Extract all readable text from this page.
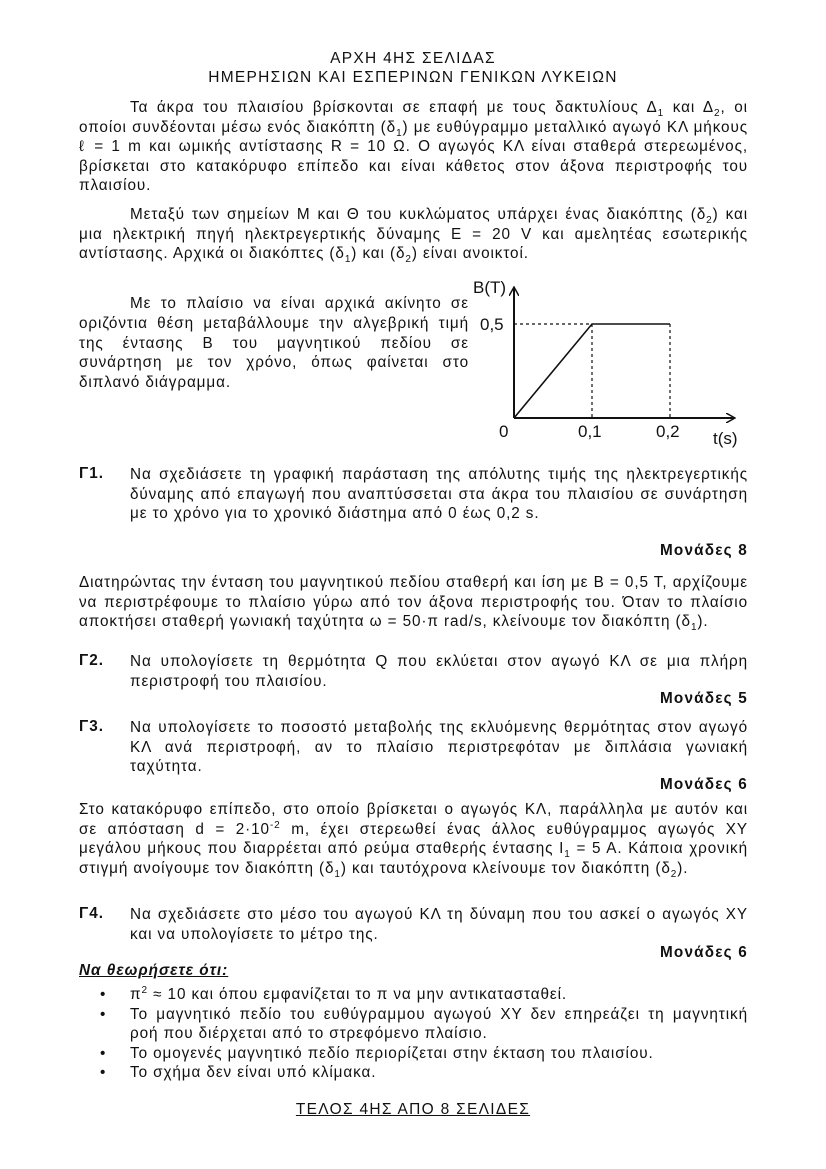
ΑΡΧΗ 4ΗΣ ΣΕΛΙΔΑΣ
ΗΜΕΡΗΣΙΩΝ ΚΑΙ ΕΣΠΕΡΙΝΩΝ ΓΕΝΙΚΩΝ ΛΥΚΕΙΩΝ
Τα άκρα του πλαισίου βρίσκονται σε επαφή με τους δακτυλίους $\Delta_1$ και $\Delta_2$, οι οποίοι συνδέονται μέσω ενός διακόπτη $(\delta_1)$ με ευθύγραμμο μεταλλικό αγωγό ΚΛ μήκους ℓ = 1 m και ωμικής αντίστασης R = 10 Ω. Ο αγωγός ΚΛ είναι σταθερά στερεωμένος, βρίσκεται στο κατακόρυφο επίπεδο και είναι κάθετος στον άξονα περιστροφής του πλαισίου.
Μεταξύ των σημείων Μ και Θ του κυκλώματος υπάρχει ένας διακόπτης $(\delta_2)$ και μια ηλεκτρική πηγή ηλεκτρεγερτικής δύναμης Ε = 20 V και αμελητέας εσωτερικής αντίστασης. Αρχικά οι διακόπτες $(\delta_1)$ και $(\delta_2)$ είναι ανοικτοί.
Με το πλαίσιο να είναι αρχικά ακίνητο σε οριζόντια θέση μεταβάλλουμε την αλγεβρική τιμή της έντασης Β του μαγνητικού πεδίου σε συνάρτηση με τον χρόνο, όπως φαίνεται στο διπλανό διάγραμμα.
B(T)
t(s)
0	0,1	0,2
0,5
Γ1. Να σχεδιάσετε τη γραφική παράσταση της απόλυτης τιμής της ηλεκτρεγερτικής δύναμης από επαγωγή που αναπτύσσεται στα άκρα του πλαισίου σε συνάρτηση με το χρόνο για το χρονικό διάστημα από 0 έως 0,2 s.
Μονάδες 8
Διατηρώντας την ένταση του μαγνητικού πεδίου σταθερή και ίση με Β = 0,5 Τ, αρχίζουμε να περιστρέφουμε το πλαίσιο γύρω από τον άξονα περιστροφής του. Όταν το πλαίσιο αποκτήσει σταθερή γωνιακή ταχύτητα ω = 50·π rad/s, κλείνουμε τον διακόπτη $(\delta_1)$.
Γ2. Να υπολογίσετε τη θερμότητα Q που εκλύεται στον αγωγό ΚΛ σε μια πλήρη περιστροφή του πλαισίου.
Μονάδες 5
Γ3. Να υπολογίσετε το ποσοστό μεταβολής της εκλυόμενης θερμότητας στον αγωγό ΚΛ ανά περιστροφή, αν το πλαίσιο περιστρεφόταν με διπλάσια γωνιακή ταχύτητα.
Μονάδες 6
Στο κατακόρυφο επίπεδο, στο οποίο βρίσκεται ο αγωγός ΚΛ, παράλληλα με αυτόν και σε απόσταση $d = 2\cdot 10^{-2}$ m, έχει στερεωθεί ένας άλλος ευθύγραμμος αγωγός ΧΥ μεγάλου μήκους που διαρρέεται από ρεύμα σταθερής έντασης $I_1 = 5$ Α. Κάποια χρονική στιγμή ανοίγουμε τον διακόπτη $(\delta_1)$ και ταυτόχρονα κλείνουμε τον διακόπτη $(\delta_2)$.
Γ4. Να σχεδιάσετε στο μέσο του αγωγού ΚΛ τη δύναμη που του ασκεί ο αγωγός ΧΥ και να υπολογίσετε το μέτρο της.
Μονάδες 6
Να θεωρήσετε ότι:
• $\pi^2 \approx 10$ και όπου εμφανίζεται το π να μην αντικατασταθεί.
• Το μαγνητικό πεδίο του ευθύγραμμου αγωγού ΧΥ δεν επηρεάζει τη μαγνητική ροή που διέρχεται από το στρεφόμενο πλαίσιο.
• Το ομογενές μαγνητικό πεδίο περιορίζεται στην έκταση του πλαισίου.
• Το σχήμα δεν είναι υπό κλίμακα.
ΤΕΛΟΣ 4ΗΣ ΑΠΟ 8 ΣΕΛΙΔΕΣ
